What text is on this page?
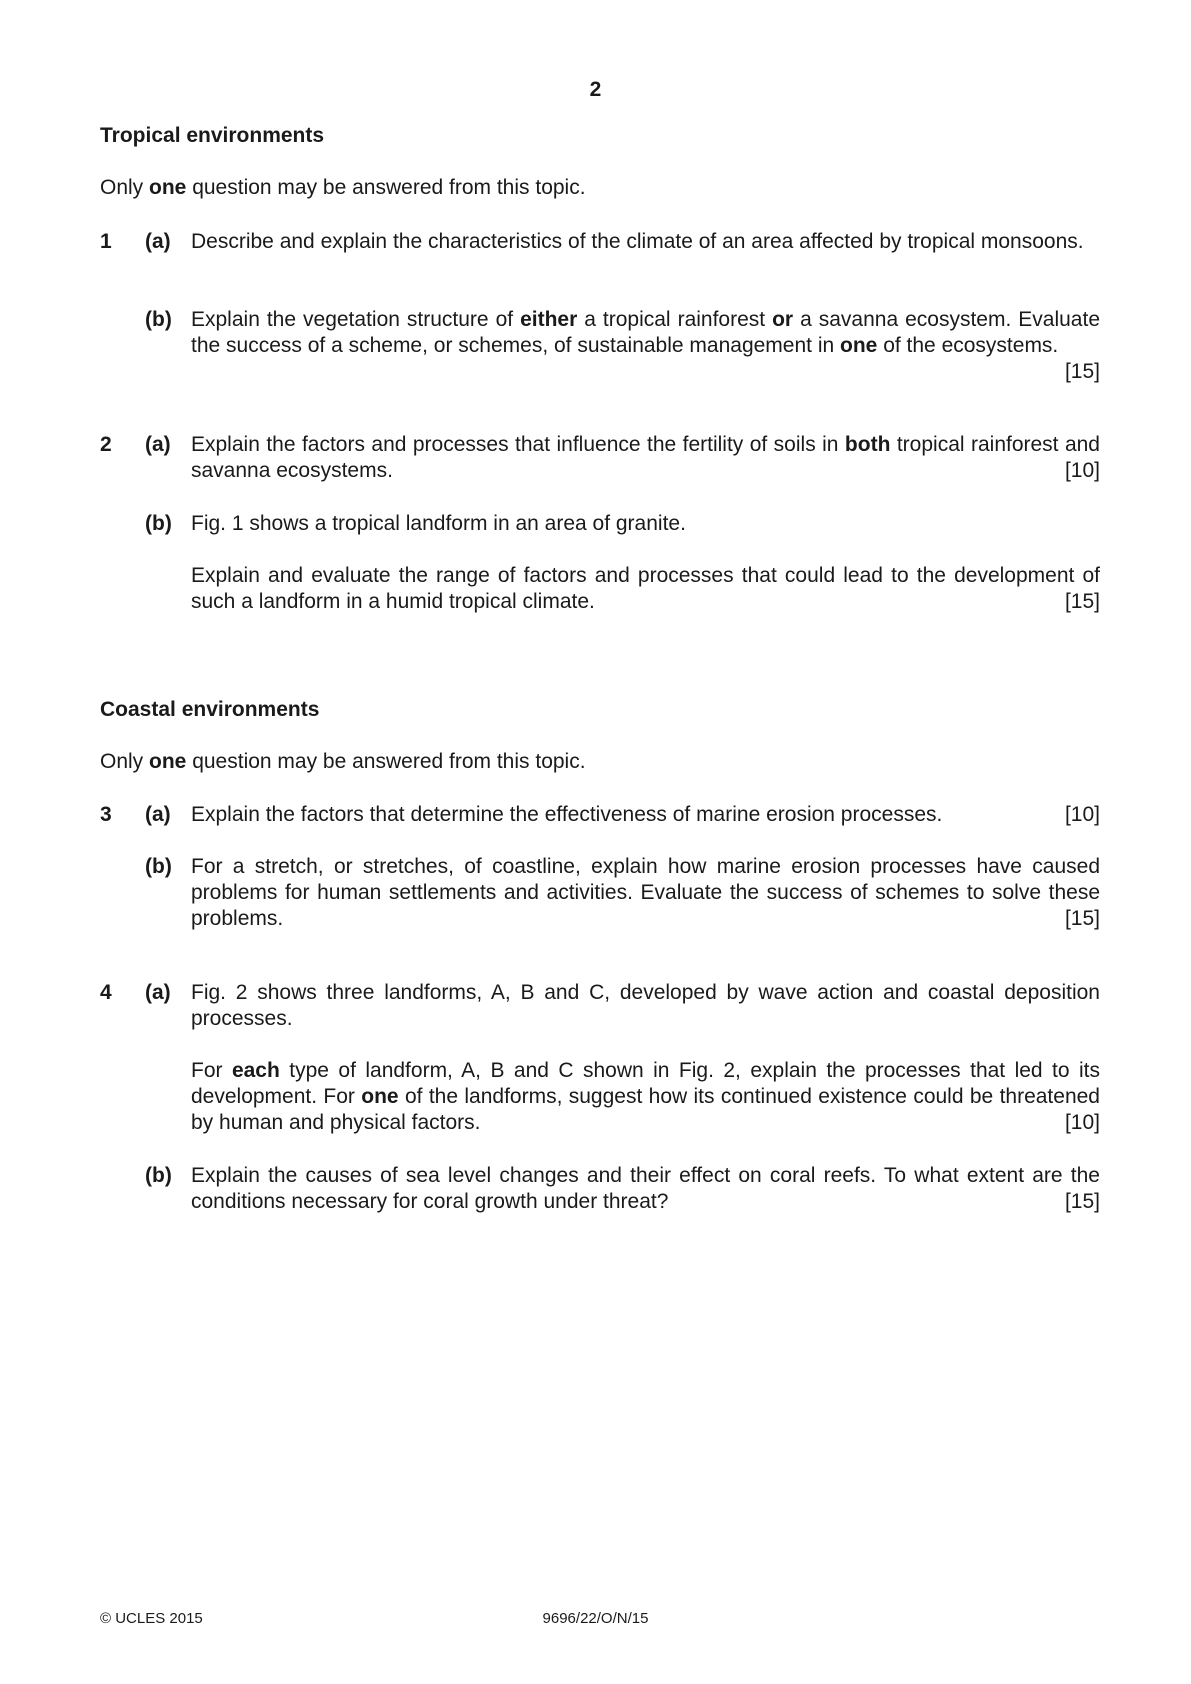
2
Tropical environments
Only one question may be answered from this topic.
1 (a) Describe and explain the characteristics of the climate of an area affected by tropical monsoons.

(b) Explain the vegetation structure of either a tropical rainforest or a savanna ecosystem. Evaluate the success of a scheme, or schemes, of sustainable management in one of the ecosystems.
[15]

2 (a) Explain the factors and processes that influence the fertility of soils in both tropical rainforest and savanna ecosystems.	[10]

(b) Fig. 1 shows a tropical landform in an area of granite.

Explain and evaluate the range of factors and processes that could lead to the development of such a landform in a humid tropical climate.	[15]

Coastal environments
Only one question may be answered from this topic.
3 (a) Explain the factors that determine the effectiveness of marine erosion processes.	[10]
(b) For a stretch, or stretches, of coastline, explain how marine erosion processes have caused problems for human settlements and activities. Evaluate the success of schemes to solve these problems.	[15]

4 (a) Fig. 2 shows three landforms, A, B and C, developed by wave action and coastal deposition processes.

For each type of landform, A, B and C shown in Fig. 2, explain the processes that led to its development. For one of the landforms, suggest how its continued existence could be threatened by human and physical factors.	[10]

(b) Explain the causes of sea level changes and their effect on coral reefs. To what extent are the conditions necessary for coral growth under threat?	[15]

© UCLES 2015	9696/22/O/N/15
